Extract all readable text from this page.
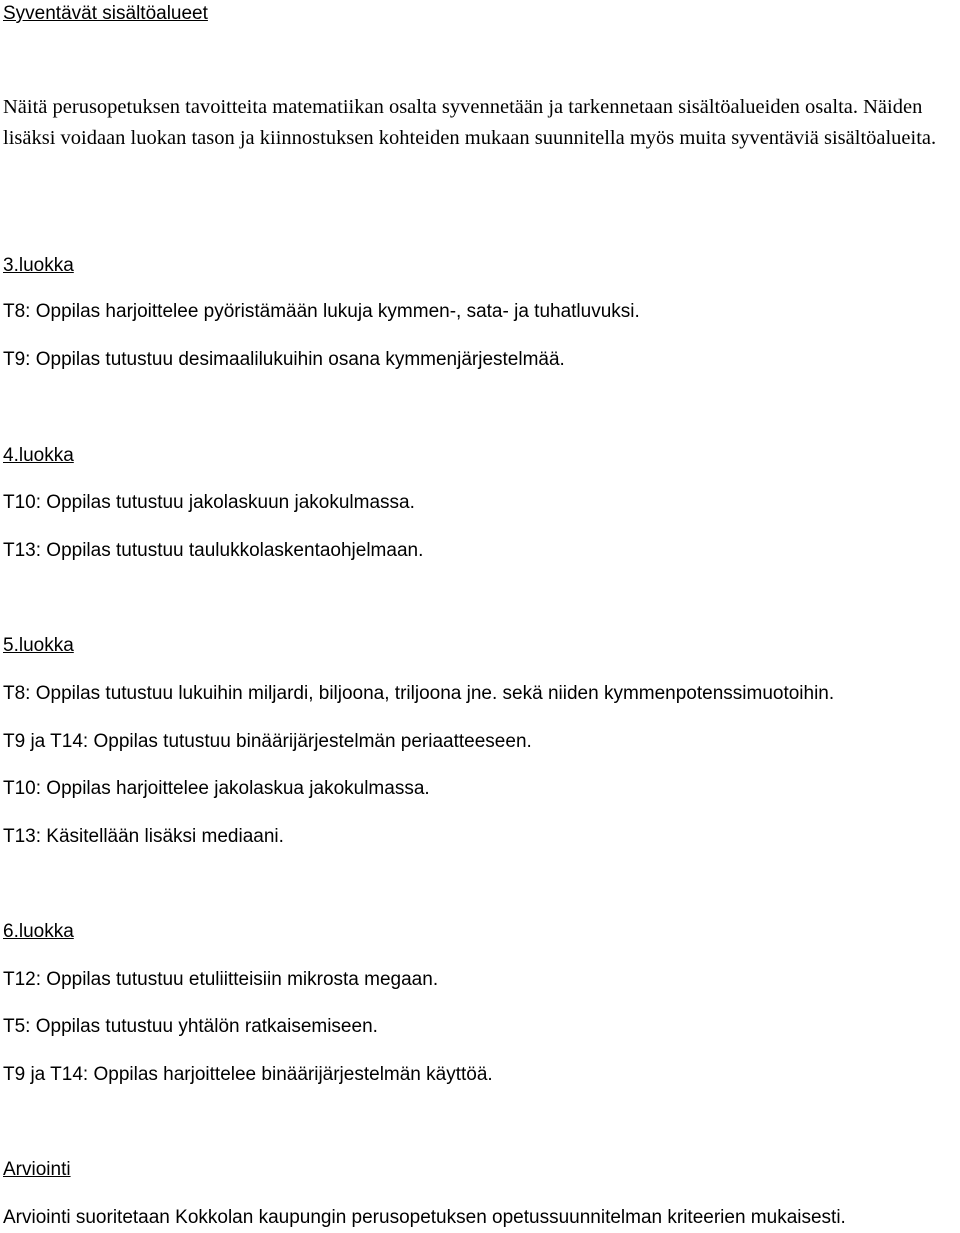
Syventävät sisältöalueet

Näitä perusopetuksen tavoitteita matematiikan osalta syvennetään ja tarkennetaan sisältöalueiden osalta. Näiden lisäksi voidaan luokan tason ja kiinnostuksen kohteiden mukaan suunnitella myös muita syventäviä sisältöalueita.

3.luokka

T8: Oppilas harjoittelee pyöristämään lukuja kymmen-, sata- ja tuhatluvuksi.

T9: Oppilas tutustuu desimaalilukuihin osana kymmenjärjestelmää.

4.luokka

T10: Oppilas tutustuu jakolaskuun jakokulmassa.

T13: Oppilas tutustuu taulukkolaskentaohjelmaan.

5.luokka

T8: Oppilas tutustuu lukuihin miljardi, biljoona, triljoona jne. sekä niiden kymmenpotenssimuotoihin.

T9 ja T14: Oppilas tutustuu binäärijärjestelmän periaatteeseen.

T10: Oppilas harjoittelee jakolaskua jakokulmassa.

T13: Käsitellään lisäksi mediaani.

6.luokka

T12: Oppilas tutustuu etuliitteisiin mikrosta megaan.

T5: Oppilas tutustuu yhtälön ratkaisemiseen.

T9 ja T14: Oppilas harjoittelee binäärijärjestelmän käyttöä.

Arviointi

Arviointi suoritetaan Kokkolan kaupungin perusopetuksen opetussuunnitelman kriteerien mukaisesti.
